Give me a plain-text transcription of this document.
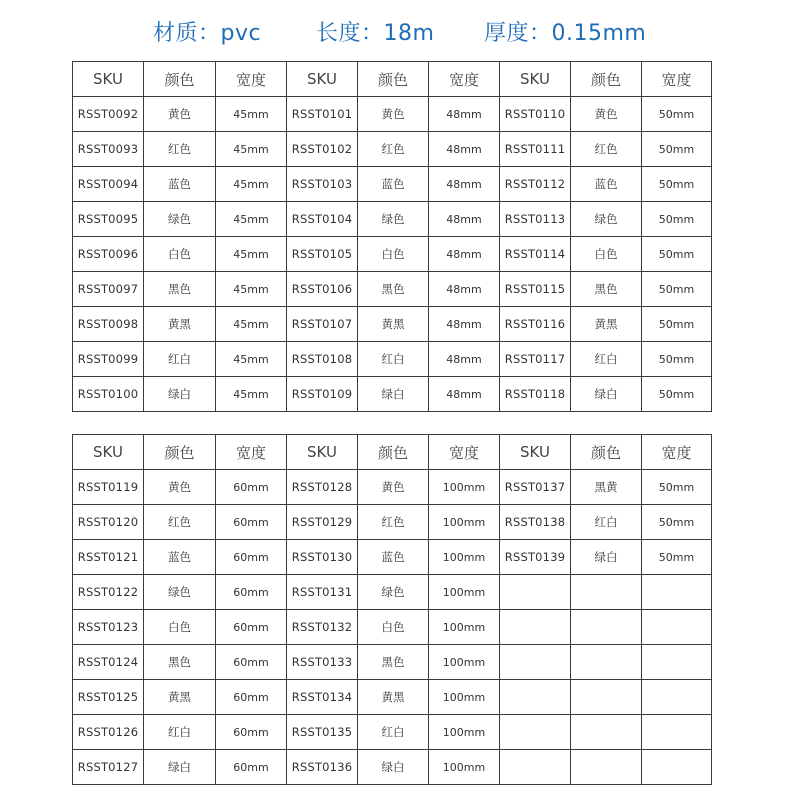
材质：pvc 长度：18m 厚度：0.15mm
SKU	颜色	宽度	SKU	颜色	宽度	SKU	颜色	宽度
RSST0092	黄色	45mm	RSST0101	黄色	48mm	RSST0110	黄色	50mm
RSST0093	红色	45mm	RSST0102	红色	48mm	RSST0111	红色	50mm
RSST0094	蓝色	45mm	RSST0103	蓝色	48mm	RSST0112	蓝色	50mm
RSST0095	绿色	45mm	RSST0104	绿色	48mm	RSST0113	绿色	50mm
RSST0096	白色	45mm	RSST0105	白色	48mm	RSST0114	白色	50mm
RSST0097	黑色	45mm	RSST0106	黑色	48mm	RSST0115	黑色	50mm
RSST0098	黄黑	45mm	RSST0107	黄黑	48mm	RSST0116	黄黑	50mm
RSST0099	红白	45mm	RSST0108	红白	48mm	RSST0117	红白	50mm
RSST0100	绿白	45mm	RSST0109	绿白	48mm	RSST0118	绿白	50mm
SKU	颜色	宽度	SKU	颜色	宽度	SKU	颜色	宽度
RSST0119	黄色	60mm	RSST0128	黄色	100mm	RSST0137	黑黄	50mm
RSST0120	红色	60mm	RSST0129	红色	100mm	RSST0138	红白	50mm
RSST0121	蓝色	60mm	RSST0130	蓝色	100mm	RSST0139	绿白	50mm
RSST0122	绿色	60mm	RSST0131	绿色	100mm			
RSST0123	白色	60mm	RSST0132	白色	100mm			
RSST0124	黑色	60mm	RSST0133	黑色	100mm			
RSST0125	黄黑	60mm	RSST0134	黄黑	100mm			
RSST0126	红白	60mm	RSST0135	红白	100mm			
RSST0127	绿白	60mm	RSST0136	绿白	100mm			
